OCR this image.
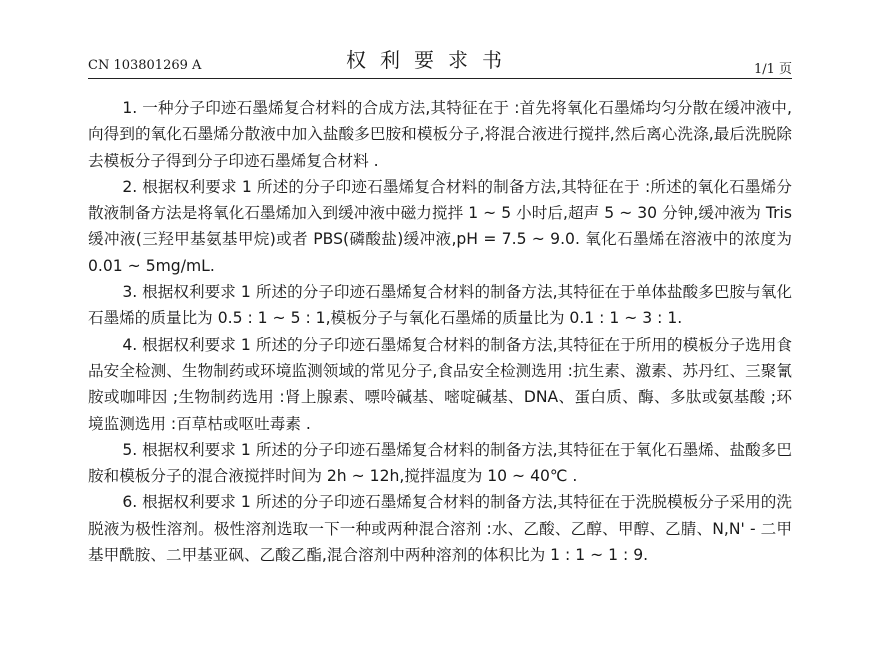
CN 103801269 A	权利要求书	1/1 页

1. 一种分子印迹石墨烯复合材料的合成方法,其特征在于 :首先将氧化石墨烯均匀分散在缓冲液中,向得到的氧化石墨烯分散液中加入盐酸多巴胺和模板分子,将混合液进行搅拌,然后离心洗涤,最后洗脱除去模板分子得到分子印迹石墨烯复合材料 .

2. 根据权利要求 1 所述的分子印迹石墨烯复合材料的制备方法,其特征在于 :所述的氧化石墨烯分散液制备方法是将氧化石墨烯加入到缓冲液中磁力搅拌 1 ~ 5 小时后,超声 5 ~ 30 分钟,缓冲液为 Tris 缓冲液(三羟甲基氨基甲烷)或者 PBS(磷酸盐)缓冲液,pH = 7.5 ~ 9.0. 氧化石墨烯在溶液中的浓度为 0.01 ~ 5mg/mL.

3. 根据权利要求 1 所述的分子印迹石墨烯复合材料的制备方法,其特征在于单体盐酸多巴胺与氧化石墨烯的质量比为 0.5 : 1 ~ 5 : 1,模板分子与氧化石墨烯的质量比为 0.1 : 1 ~ 3 : 1.

4. 根据权利要求 1 所述的分子印迹石墨烯复合材料的制备方法,其特征在于所用的模板分子选用食品安全检测、生物制药或环境监测领域的常见分子,食品安全检测选用 :抗生素、激素、苏丹红、三聚氰胺或咖啡因 ;生物制药选用 :肾上腺素、嘌呤碱基、嘧啶碱基、DNA、蛋白质、酶、多肽或氨基酸 ;环境监测选用 :百草枯或呕吐毒素 .

5. 根据权利要求 1 所述的分子印迹石墨烯复合材料的制备方法,其特征在于氧化石墨烯、盐酸多巴胺和模板分子的混合液搅拌时间为 2h ~ 12h,搅拌温度为 10 ~ 40℃ .

6. 根据权利要求 1 所述的分子印迹石墨烯复合材料的制备方法,其特征在于洗脱模板分子采用的洗脱液为极性溶剂。极性溶剂选取一下一种或两种混合溶剂 :水、乙酸、乙醇、甲醇、乙腈、N,N' - 二甲基甲酰胺、二甲基亚砜、乙酸乙酯,混合溶剂中两种溶剂的体积比为 1 : 1 ~ 1 : 9.
